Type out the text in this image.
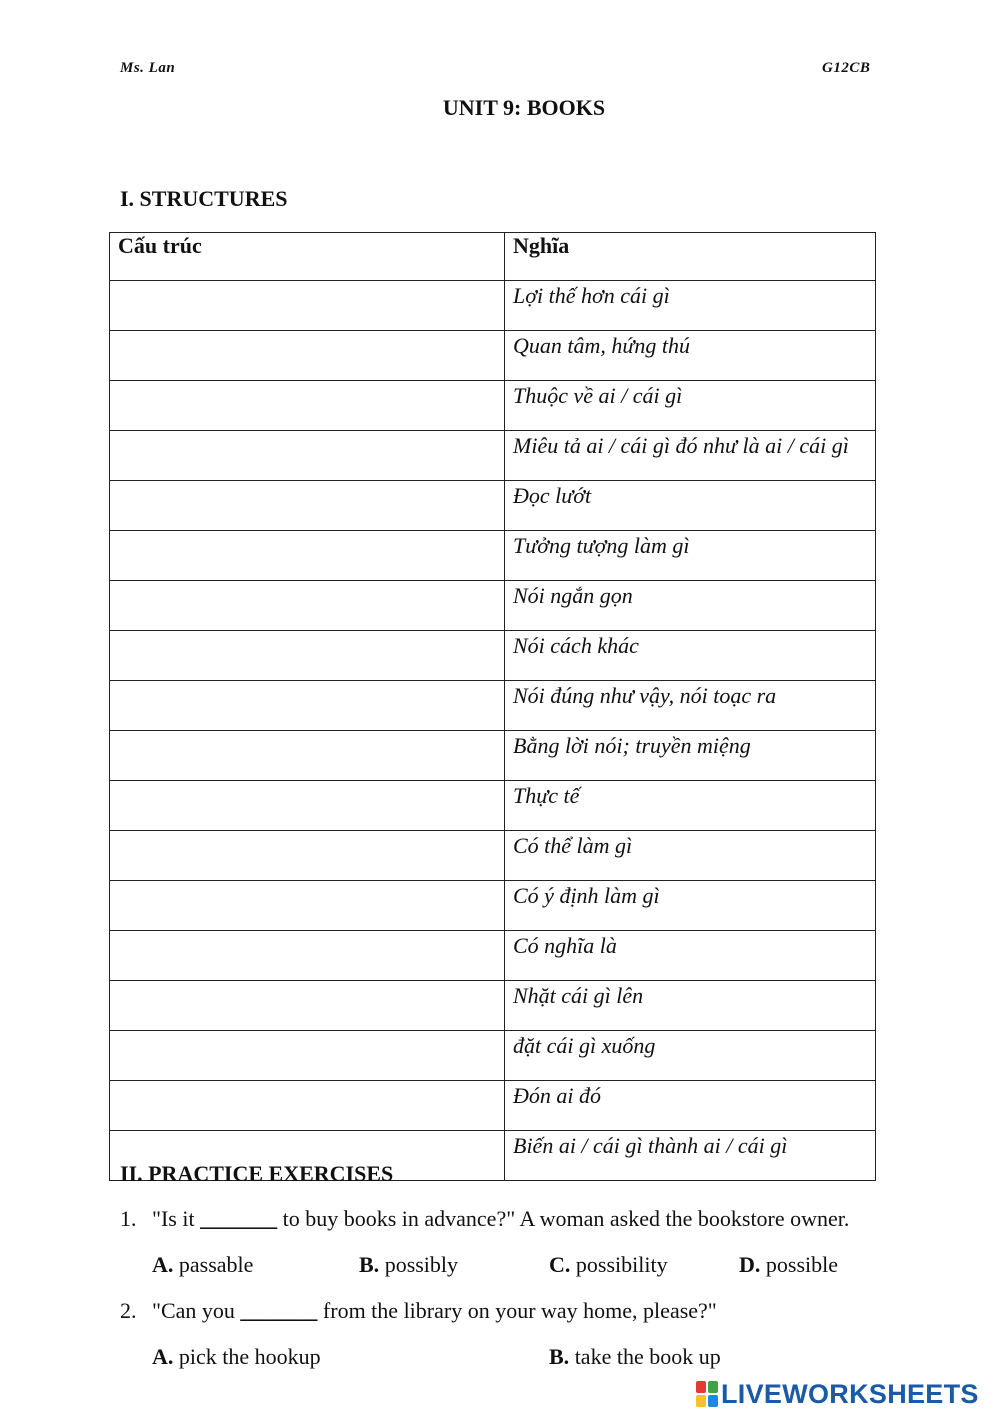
Ms. Lan	G12CB
UNIT 9: BOOKS
I. STRUCTURES
Cấu trúc	Nghĩa
	Lợi thế hơn cái gì
	Quan tâm, hứng thú
	Thuộc về ai / cái gì
	Miêu tả ai / cái gì đó như là ai / cái gì
	Đọc lướt
	Tưởng tượng làm gì
	Nói ngắn gọn
	Nói cách khác
	Nói đúng như vậy, nói toạc ra
	Bằng lời nói; truyền miệng
	Thực tế
	Có thể làm gì
	Có ý định làm gì
	Có nghĩa là
	Nhặt cái gì lên
	đặt cái gì xuống
	Đón ai đó
	Biến ai / cái gì thành ai / cái gì
II. PRACTICE EXERCISES
1. "Is it _______ to buy books in advance?" A woman asked the bookstore owner.
A. passable	B. possibly	C. possibility	D. possible
2. "Can you _______ from the library on your way home, please?"
A. pick the hookup	B. take the book up
LIVEWORKSHEETS
